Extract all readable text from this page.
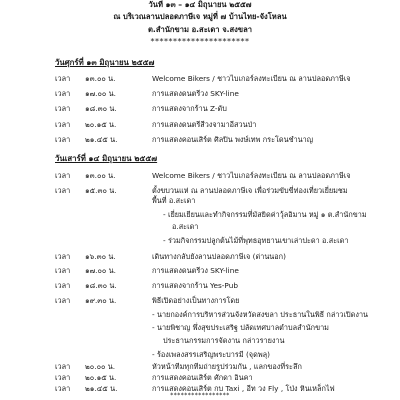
วันที่ ๑๓ – ๑๔ มิถุนายน ๒๕๕๗
ณ บริเวณลานปลอดภาษีเจ หมู่ที่ ๗ บ้านไทย-จังโหลน
ต.สำนักขาม อ.สะเดา จ.สงขลา
**********************
วันศุกร์ที่ ๑๓ มิถุนายน ๒๕๕๗
เวลา ๑๓.๐๐ น.	Welcome Bikers / ชาวไบเกอร์ลงทะเบียน ณ ลานปลอดภาษีเจ
เวลา ๑๗.๐๐ น.	การแสดงดนตรีวง SKY-line
เวลา ๑๘.๓๐ น.	การแสดงจากร้าน Z-ดับ
เวลา ๒๐.๑๕ น.	การแสดงดนตรีสีวงจามาอีสวนป่า
เวลา ๒๑.๔๕ น.	การแสดงคอนเสิร์ต ศิลปิน พงษ์เทพ กระโดนชำนาญ
วันเสาร์ที่ ๑๔ มิถุนายน ๒๕๕๗
เวลา ๑๓.๐๐ น.	Welcome Bikers / ชาวไบเกอร์ลงทะเบียน ณ ลานปลอดภาษีเจ
เวลา ๑๕.๓๐ น.	ตั้งขบวนแห่ ณ ลานปลอดภาษีเจ เพื่อร่วมขับขี่ท่องเที่ยวเยี่ยมชม
พื้นที่ อ.สะเดา
- เยี่ยมเยียนและทำกิจกรรมที่มัสยิดค่าวุ้ลอิมาน หมู่ ๑ ต.สำนักขาม
อ.สะเดา
- ร่วมกิจกรรมปลูกต้นไม้ที่พุทธอุทยานเขาเล่าปะดา อ.สะเดา
เวลา ๑๖.๓๐ น.	เดินทางกลับยังลานปลอดภาษีเจ (ด่านนอก)
เวลา ๑๗.๐๐ น.	การแสดงดนตรีวง SKY-line
เวลา ๑๘.๓๐ น.	การแสดงจากร้าน Yes-Pub
เวลา ๑๙.๓๐ น.	พิธีเปิดอย่างเป็นทางการโดย
- นายกองค์การบริหารส่วนจังหวัดสงขลา ประธานในพิธี กล่าวเปิดงาน
- นายพิชาญ พึ่งสุขประเสริฐ ปลัดเทศบาลตำบลสำนักขาม
ประธานกรรมการจัดงาน กล่าวรายงาน
- ร้องเพลงสรรเสริญพระบารมี (จุดพลุ)
เวลา ๒๐.๐๐ น.	หัวหน้าทีมทุกทีมถ่ายรูปร่วมกัน , แลกของที่ระลึก
เวลา ๒๐.๑๕ น.	การแสดงคอนเสิร์ต ศักดา อินคา
เวลา ๒๑.๔๕ น.	การแสดงคอนเสิร์ต กบ Taxi , อีท วง Fly , โป่ง หินเหล็กไฟ
*****************
